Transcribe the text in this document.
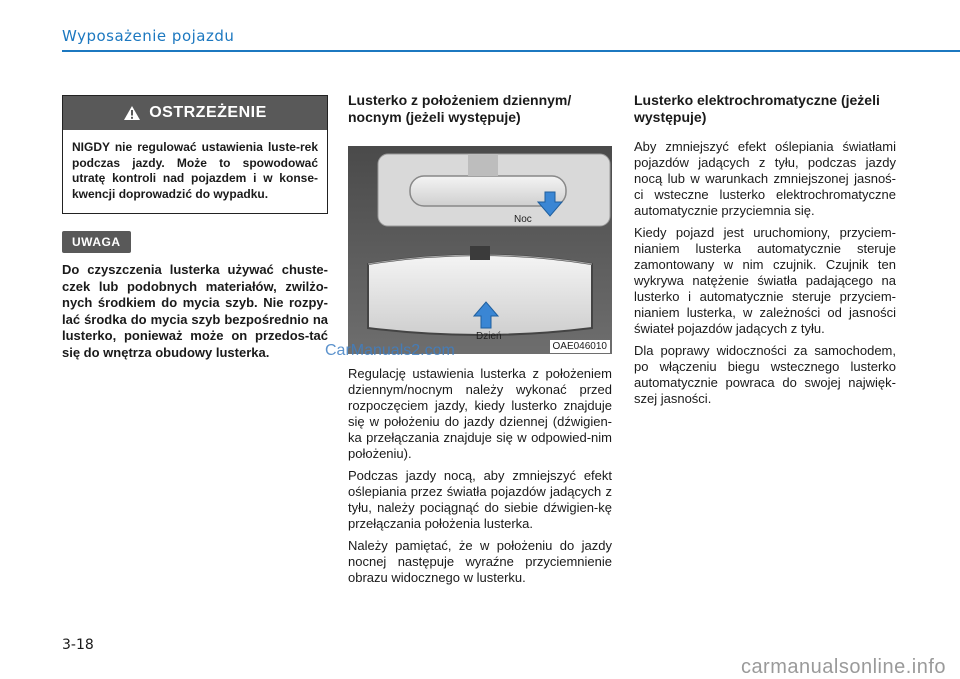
Wyposażenie pojazdu
OSTRZEŻENIE
NIGDY nie regulować ustawienia luste-rek podczas jazdy. Może to spowodować utratę kontroli nad pojazdem i w konse-kwencji doprowadzić do wypadku.
UWAGA
Do czyszczenia lusterka używać chuste-czek lub podobnych materiałów, zwilżo-nych środkiem do mycia szyb. Nie rozpy-lać środka do mycia szyb bezpośrednio na lusterko, ponieważ może on przedos-tać się do wnętrza obudowy lusterka.
Lusterko z położeniem dziennym/ nocnym (jeżeli występuje)
Noc
Dzień
OAE046010

Regulację ustawienia lusterka z położeniem dziennym/nocnym należy wykonać przed rozpoczęciem jazdy, kiedy lusterko znajduje się w położeniu do jazdy dziennej (dźwigien-ka przełączania znajduje się w odpowied-nim położeniu).

Podczas jazdy nocą, aby zmniejszyć efekt oślepiania przez światła pojazdów jadących z tyłu, należy pociągnąć do siebie dźwigien-kę przełączania położenia lusterka.

Należy pamiętać, że w położeniu do jazdy nocnej następuje wyraźne przyciemnienie obrazu widocznego w lusterku.

Lusterko elektrochromatyczne (jeżeli występuje)

Aby zmniejszyć efekt oślepiania światłami pojazdów jadących z tyłu, podczas jazdy nocą lub w warunkach zmniejszonej jasnoś-ci wsteczne lusterko elektrochromatyczne automatycznie przyciemnia się.

Kiedy pojazd jest uruchomiony, przyciem-nianiem lusterka automatycznie steruje zamontowany w nim czujnik. Czujnik ten wykrywa natężenie światła padającego na lusterko i automatycznie steruje przyciem-nianiem lusterka, w zależności od jasności świateł pojazdów jadących z tyłu.

Dla poprawy widoczności za samochodem, po włączeniu biegu wstecznego lusterko automatycznie powraca do swojej najwięk-szej jasności.

CarManuals2.com
3-18
carmanualsonline.info
